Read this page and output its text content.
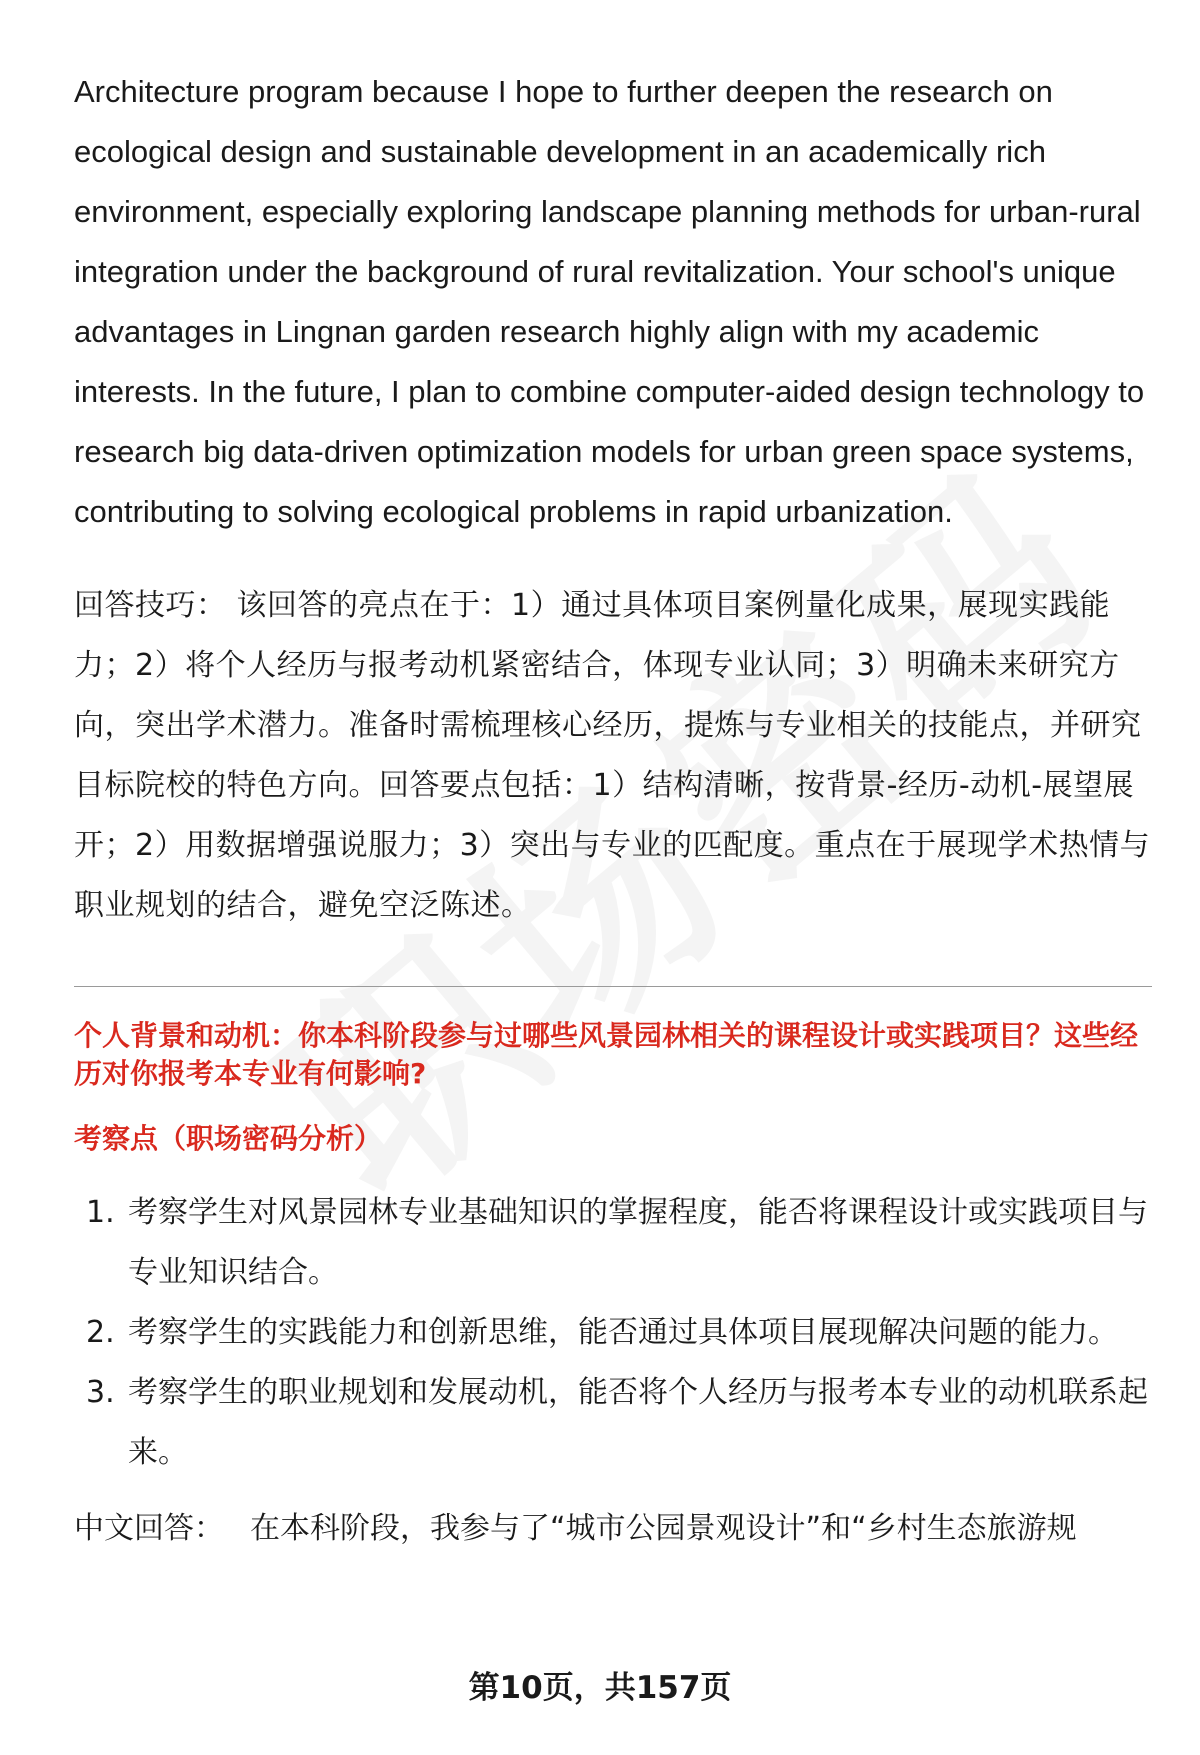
Architecture program because I hope to further deepen the research on ecological design and sustainable development in an academically rich environment, especially exploring landscape planning methods for urban-rural integration under the background of rural revitalization. Your school's unique advantages in Lingnan garden research highly align with my academic interests. In the future, I plan to combine computer-aided design technology to research big data-driven optimization models for urban green space systems, contributing to solving ecological problems in rapid urbanization.

回答技巧： 该回答的亮点在于：1）通过具体项目案例量化成果，展现实践能力；2）将个人经历与报考动机紧密结合，体现专业认同；3）明确未来研究方向，突出学术潜力。准备时需梳理核心经历，提炼与专业相关的技能点，并研究目标院校的特色方向。回答要点包括：1）结构清晰，按背景-经历-动机-展望展开；2）用数据增强说服力；3）突出与专业的匹配度。重点在于展现学术热情与职业规划的结合，避免空泛陈述。

个人背景和动机：你本科阶段参与过哪些风景园林相关的课程设计或实践项目？这些经历对你报考本专业有何影响?
考察点（职场密码分析）
1. 考察学生对风景园林专业基础知识的掌握程度，能否将课程设计或实践项目与专业知识结合。
2. 考察学生的实践能力和创新思维，能否通过具体项目展现解决问题的能力。
3. 考察学生的职业规划和发展动机，能否将个人经历与报考本专业的动机联系起来。

中文回答： 在本科阶段，我参与了“城市公园景观设计”和“乡村生态旅游规

第10页，共157页
